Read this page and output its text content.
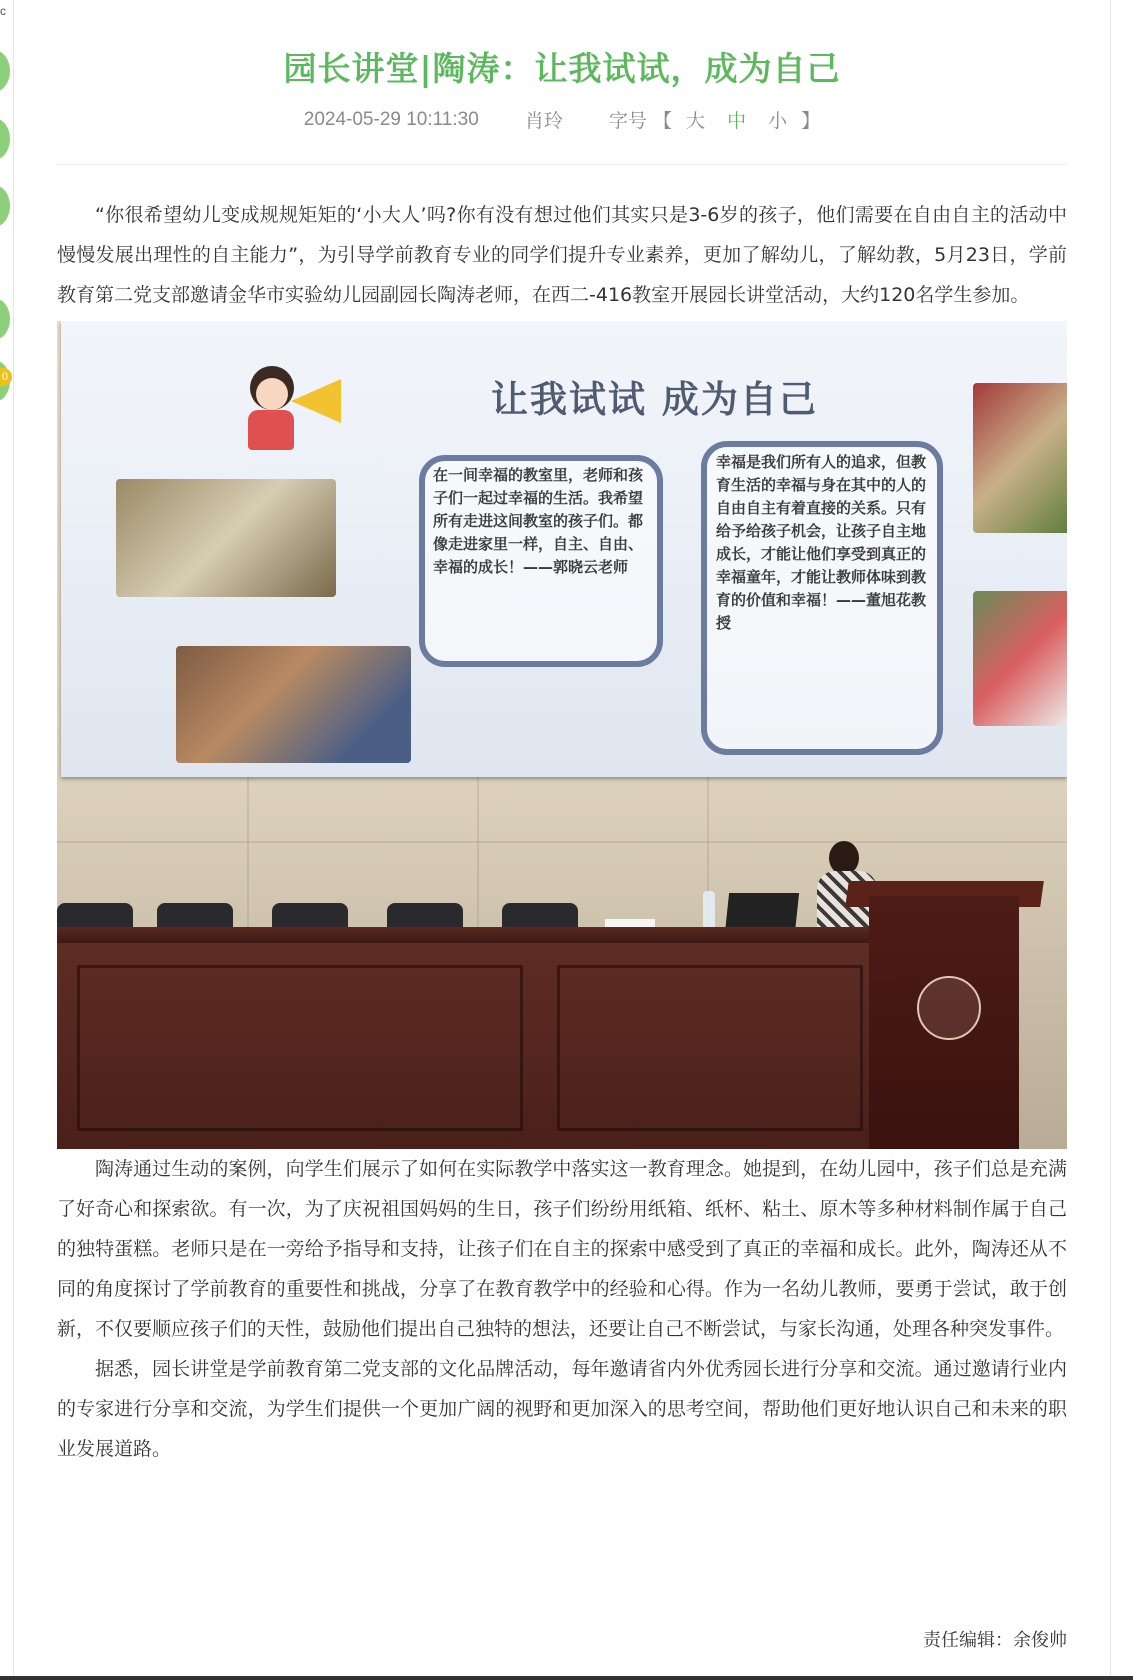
c
0
园长讲堂|陶涛：让我试试，成为自己
2024-05-29 10:11:30 肖玲 字号 【 大 中 小 】

“你很希望幼儿变成规规矩矩的‘小大人’吗?你有没有想过他们其实只是3-6岁的孩子，他们需要在自由自主的活动中慢慢发展出理性的自主能力”，为引导学前教育专业的同学们提升专业素养，更加了解幼儿，了解幼教，5月23日，学前教育第二党支部邀请金华市实验幼儿园副园长陶涛老师，在西二-416教室开展园长讲堂活动，大约120名学生参加。

让我试试 成为自己
在一间幸福的教室里，老师和孩子们一起过幸福的生活。我希望所有走进这间教室的孩子们。都像走进家里一样，自主、自由、幸福的成长！——郭晓云老师
幸福是我们所有人的追求，但教育生活的幸福与身在其中的人的自由自主有着直接的关系。只有给予给孩子机会，让孩子自主地成长，才能让他们享受到真正的幸福童年，才能让教师体味到教育的价值和幸福！——董旭花教授

陶涛通过生动的案例，向学生们展示了如何在实际教学中落实这一教育理念。她提到，在幼儿园中，孩子们总是充满了好奇心和探索欲。有一次，为了庆祝祖国妈妈的生日，孩子们纷纷用纸箱、纸杯、粘土、原木等多种材料制作属于自己的独特蛋糕。老师只是在一旁给予指导和支持，让孩子们在自主的探索中感受到了真正的幸福和成长。此外，陶涛还从不同的角度探讨了学前教育的重要性和挑战，分享了在教育教学中的经验和心得。作为一名幼儿教师，要勇于尝试，敢于创新，不仅要顺应孩子们的天性，鼓励他们提出自己独特的想法，还要让自己不断尝试，与家长沟通，处理各种突发事件。

据悉，园长讲堂是学前教育第二党支部的文化品牌活动，每年邀请省内外优秀园长进行分享和交流。通过邀请行业内的专家进行分享和交流，为学生们提供一个更加广阔的视野和更加深入的思考空间，帮助他们更好地认识自己和未来的职业发展道路。

责任编辑：余俊帅
